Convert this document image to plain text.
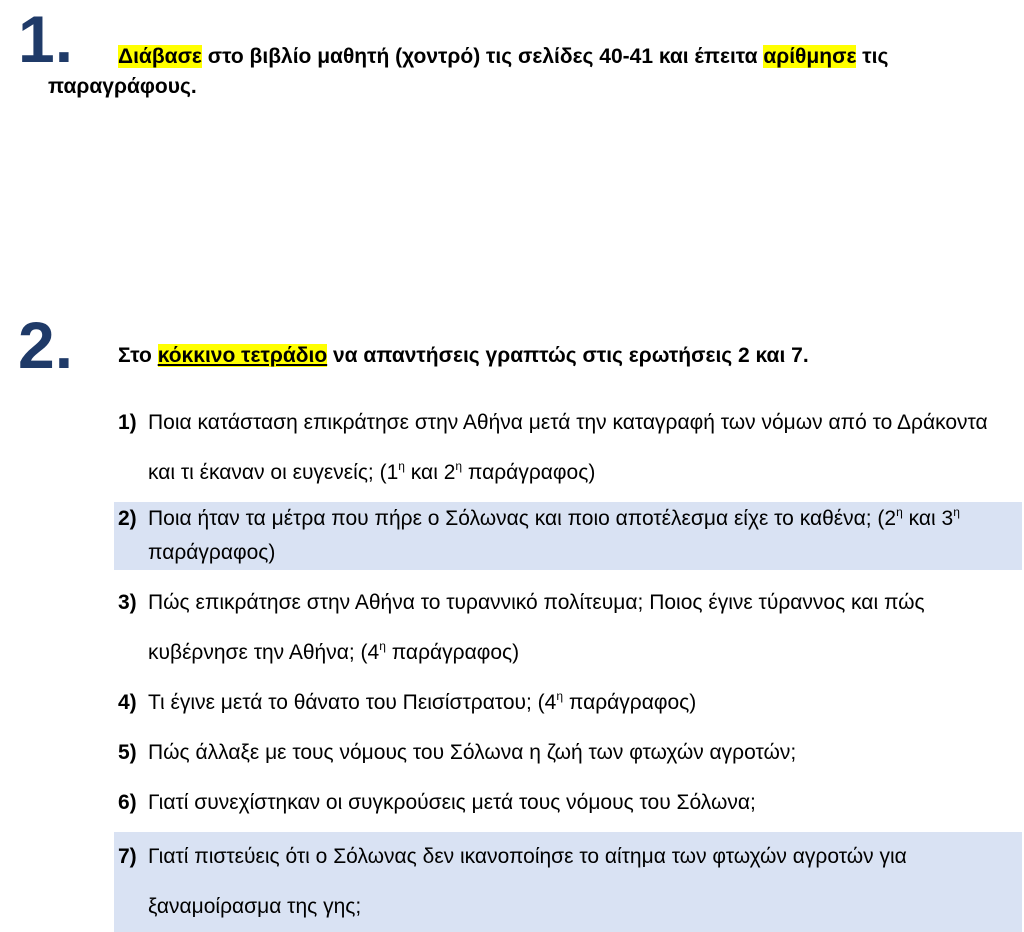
1.	Διάβασε στο βιβλίο μαθητή (χοντρό) τις σελίδες 40-41 και έπειτα αρίθμησε τις παραγράφους.
2. Στο κόκκινο τετράδιο να απαντήσεις γραπτώς στις ερωτήσεις 2 και 7.
1) Ποια κατάσταση επικράτησε στην Αθήνα μετά την καταγραφή των νόμων από το Δράκοντα και τι έκαναν οι ευγενείς; ($1^\eta$ και $2^\eta$ παράγραφος)
2) Ποια ήταν τα μέτρα που πήρε ο Σόλωνας και ποιο αποτέλεσμα είχε το καθένα; ($2^\eta$ και $3^\eta$ παράγραφος)
3) Πώς επικράτησε στην Αθήνα το τυραννικό πολίτευμα; Ποιος έγινε τύραννος και πώς κυβέρνησε την Αθήνα; ($4^\eta$ παράγραφος)
4) Τι έγινε μετά το θάνατο του Πεισίστρατου; ($4^\eta$ παράγραφος)
5) Πώς άλλαξε με τους νόμους του Σόλωνα η ζωή των φτωχών αγροτών;
6) Γιατί συνεχίστηκαν οι συγκρούσεις μετά τους νόμους του Σόλωνα;
7) Γιατί πιστεύεις ότι ο Σόλωνας δεν ικανοποίησε το αίτημα των φτωχών αγροτών για ξαναμοίρασμα της γης;
